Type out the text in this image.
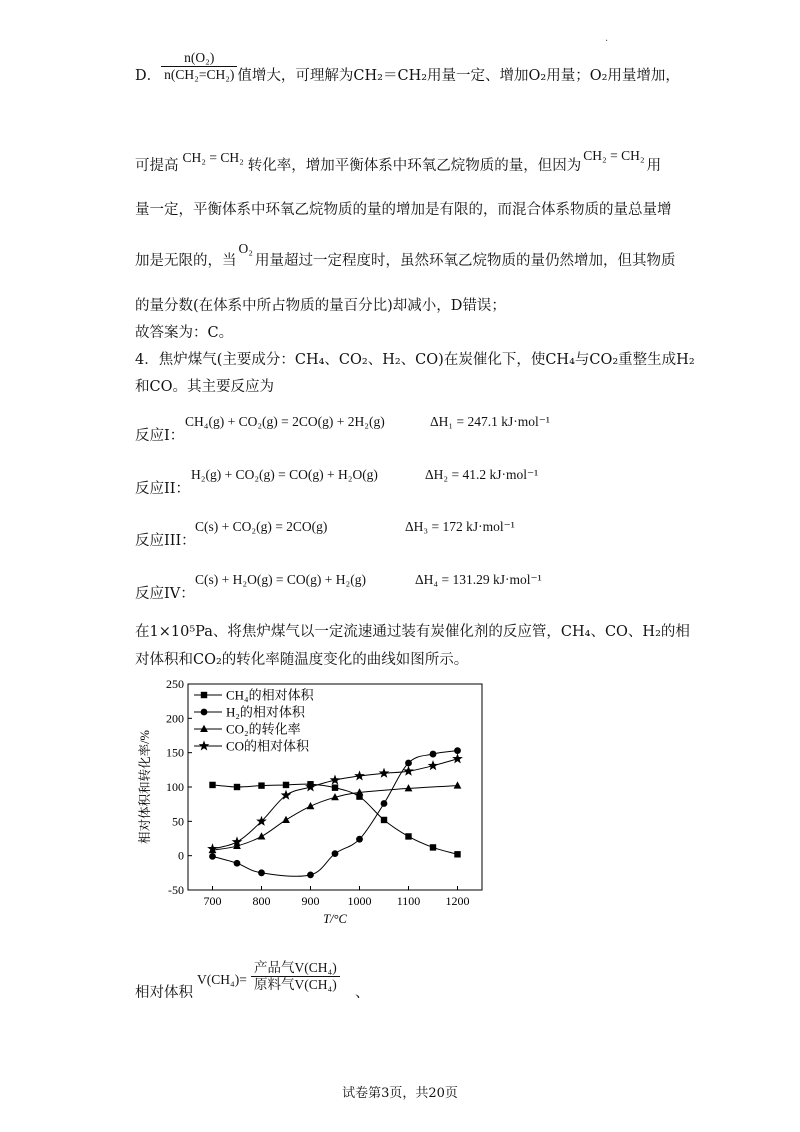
·
D． $\frac{\text{n(O₂)}}{\text{n(CH₂=CH₂)}}$ 值增大，可理解为CH₂＝CH₂用量一定、增加O₂用量；O₂用量增加，
可提高CH₂ = CH₂转化率，增加平衡体系中环氧乙烷物质的量，但因为CH₂ = CH₂用
量一定，平衡体系中环氧乙烷物质的量的增加是有限的，而混合体系物质的量总量增
加是无限的，当O₂用量超过一定程度时，虽然环氧乙烷物质的量仍然增加，但其物质
的量分数(在体系中所占物质的量百分比)却减小，D错误；
故答案为：C。
4．焦炉煤气(主要成分：CH₄、CO₂、H₂、CO)在炭催化下，使CH₄与CO₂重整生成H₂
和CO。其主要反应为
反应I：
CH₄(g) + CO₂(g) = 2CO(g) + 2H₂(g)	ΔH₁ = 247.1 kJ·mol⁻¹
反应II：
H₂(g) + CO₂(g) = CO(g) + H₂O(g)	ΔH₂ = 41.2 kJ·mol⁻¹
反应III：
C(s) + CO₂(g) = 2CO(g)	ΔH₃ = 172 kJ·mol⁻¹
反应IV：
C(s) + H₂O(g) = CO(g) + H₂(g)	ΔH₄ = 131.29 kJ·mol⁻¹
在1×10⁵Pa、将焦炉煤气以一定流速通过装有炭催化剂的反应管，CH₄、CO、H₂的相
对体积和CO₂的转化率随温度变化的曲线如图所示。
700	800	900 1000 1100 1200
-50
0
50
100
150
200
250
T/°C
相对体积和转化率/%
CH₄的相对体积
H₂的相对体积
CO₂的转化率
CO的相对体积
相对体积
V(CH₄)=
产品气V(CH₄)
原料气V(CH₄)
、
试卷第3页，共20页
